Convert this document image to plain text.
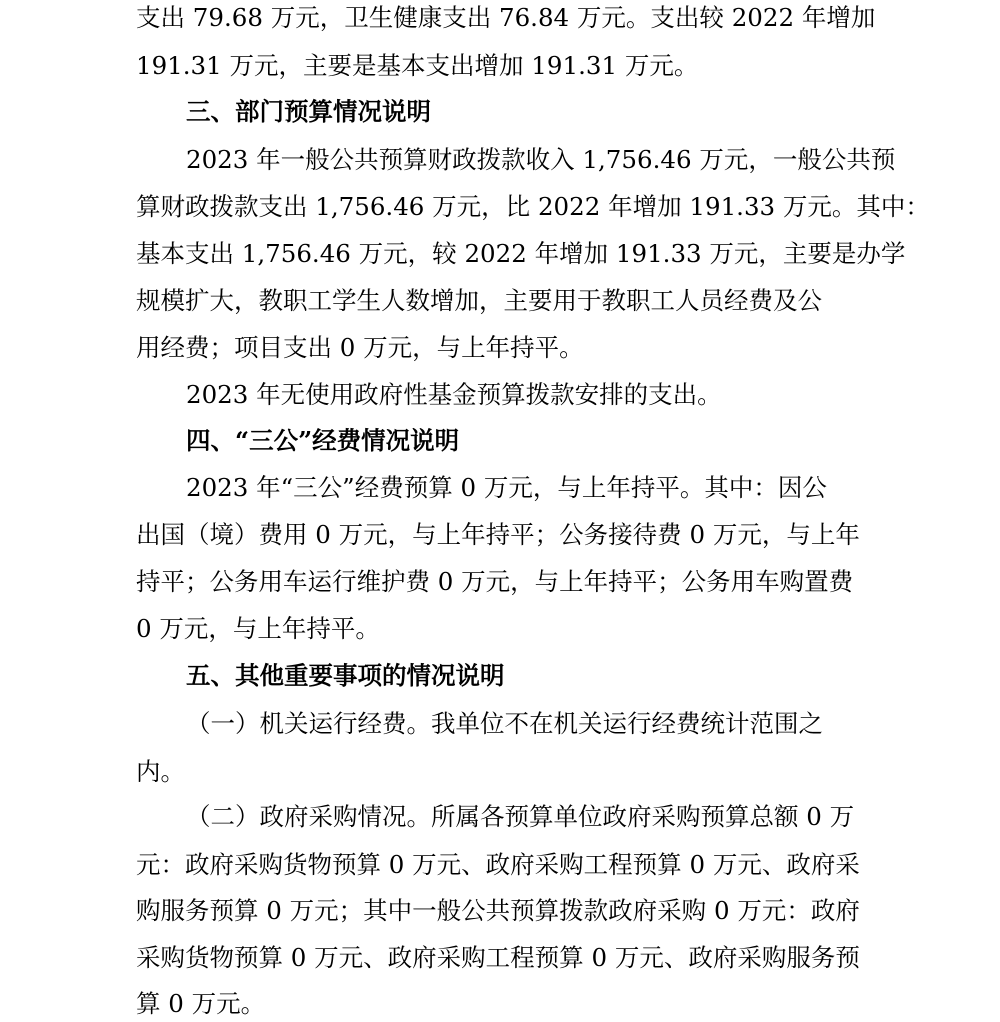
支出 79.68 万元，卫生健康支出 76.84 万元。支出较 2022 年增加
191.31 万元，主要是基本支出增加 191.31 万元。
三、部门预算情况说明
2023 年一般公共预算财政拨款收入 1,756.46 万元，一般公共预
算财政拨款支出 1,756.46 万元，比 2022 年增加 191.33 万元。其中：
基本支出 1,756.46 万元，较 2022 年增加 191.33 万元，主要是办学
规模扩大，教职工学生人数增加，主要用于教职工人员经费及公
用经费；项目支出 0 万元，与上年持平。
2023 年无使用政府性基金预算拨款安排的支出。
四、“三公”经费情况说明
2023 年“三公”经费预算 0 万元，与上年持平。其中：因公
出国（境）费用 0 万元，与上年持平；公务接待费 0 万元，与上年
持平；公务用车运行维护费 0 万元，与上年持平；公务用车购置费
0 万元，与上年持平。
五、其他重要事项的情况说明
（一）机关运行经费。我单位不在机关运行经费统计范围之
内。
（二）政府采购情况。所属各预算单位政府采购预算总额 0 万
元：政府采购货物预算 0 万元、政府采购工程预算 0 万元、政府采
购服务预算 0 万元；其中一般公共预算拨款政府采购 0 万元：政府
采购货物预算 0 万元、政府采购工程预算 0 万元、政府采购服务预
算 0 万元。
